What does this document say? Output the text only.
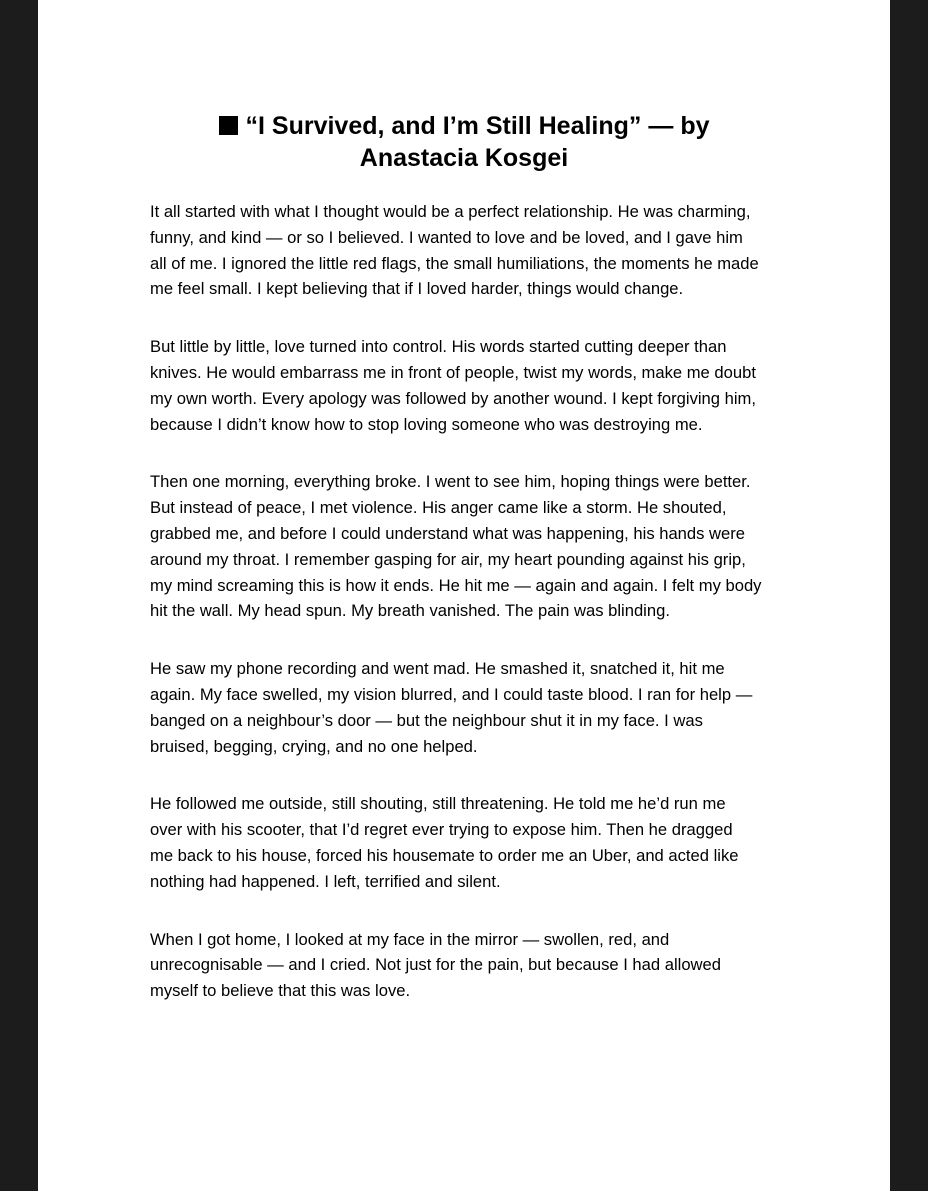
“I Survived, and I’m Still Healing” — by
Anastacia Kosgei

It all started with what I thought would be a perfect relationship. He was charming,
funny, and kind — or so I believed. I wanted to love and be loved, and I gave him
all of me. I ignored the little red flags, the small humiliations, the moments he made
me feel small. I kept believing that if I loved harder, things would change.

But little by little, love turned into control. His words started cutting deeper than
knives. He would embarrass me in front of people, twist my words, make me doubt
my own worth. Every apology was followed by another wound. I kept forgiving him,
because I didn’t know how to stop loving someone who was destroying me.

Then one morning, everything broke. I went to see him, hoping things were better.
But instead of peace, I met violence. His anger came like a storm. He shouted,
grabbed me, and before I could understand what was happening, his hands were
around my throat. I remember gasping for air, my heart pounding against his grip,
my mind screaming this is how it ends. He hit me — again and again. I felt my body
hit the wall. My head spun. My breath vanished. The pain was blinding.

He saw my phone recording and went mad. He smashed it, snatched it, hit me
again. My face swelled, my vision blurred, and I could taste blood. I ran for help —
banged on a neighbour’s door — but the neighbour shut it in my face. I was
bruised, begging, crying, and no one helped.

He followed me outside, still shouting, still threatening. He told me he’d run me
over with his scooter, that I’d regret ever trying to expose him. Then he dragged
me back to his house, forced his housemate to order me an Uber, and acted like
nothing had happened. I left, terrified and silent.

When I got home, I looked at my face in the mirror — swollen, red, and
unrecognisable — and I cried. Not just for the pain, but because I had allowed
myself to believe that this was love.
